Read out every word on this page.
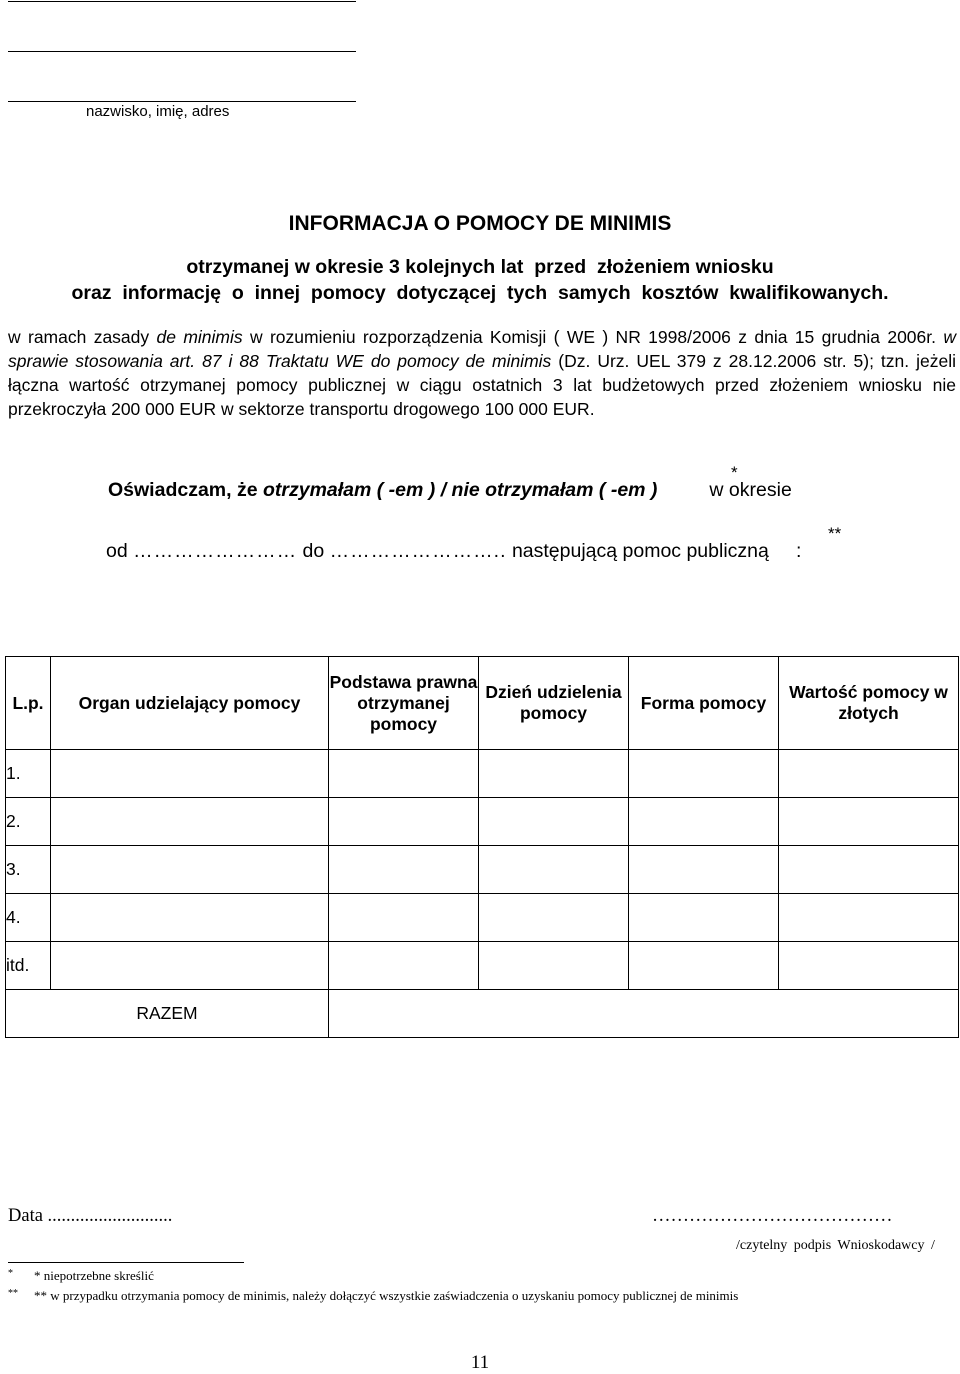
nazwisko, imię, adres
INFORMACJA O POMOCY DE MINIMIS
otrzymanej w okresie 3 kolejnych lat  przed  złożeniem wniosku
oraz  informację  o  innej  pomocy  dotyczącej  tych  samych  kosztów  kwalifikowanych.
w ramach zasady de minimis w rozumieniu rozporządzenia Komisji ( WE ) NR 1998/2006 z dnia 15 grudnia 2006r. w sprawie stosowania art. 87 i 88 Traktatu WE do pomocy de minimis (Dz. Urz. UEL 379 z 28.12.2006 str. 5); tzn. jeżeli łączna wartość otrzymanej pomocy publicznej w ciągu ostatnich 3 lat budżetowych przed złożeniem wniosku nie przekroczyła 200 000 EUR w sektorze transportu drogowego 100 000 EUR.
Oświadczam, że otrzymałam ( -em ) / nie otrzymałam ( -em )	w okresie
*
od …………………… do …………………….. następującą pomoc publiczną :
**
L.p.	Organ udzielający pomocy	Podstawa prawna otrzymanej pomocy	Dzień udzielenia pomocy	Forma pomocy	Wartość pomocy w złotych
1.					
2.					
3.					
4.					
itd.					
RAZEM					
Data ...........................	…………………………………
/czytelny podpis Wnioskodawcy /
* * niepotrzebne skreślić
** ** w przypadku otrzymania pomocy de minimis, należy dołączyć wszystkie zaświadczenia o uzyskaniu pomocy publicznej de minimis
11
